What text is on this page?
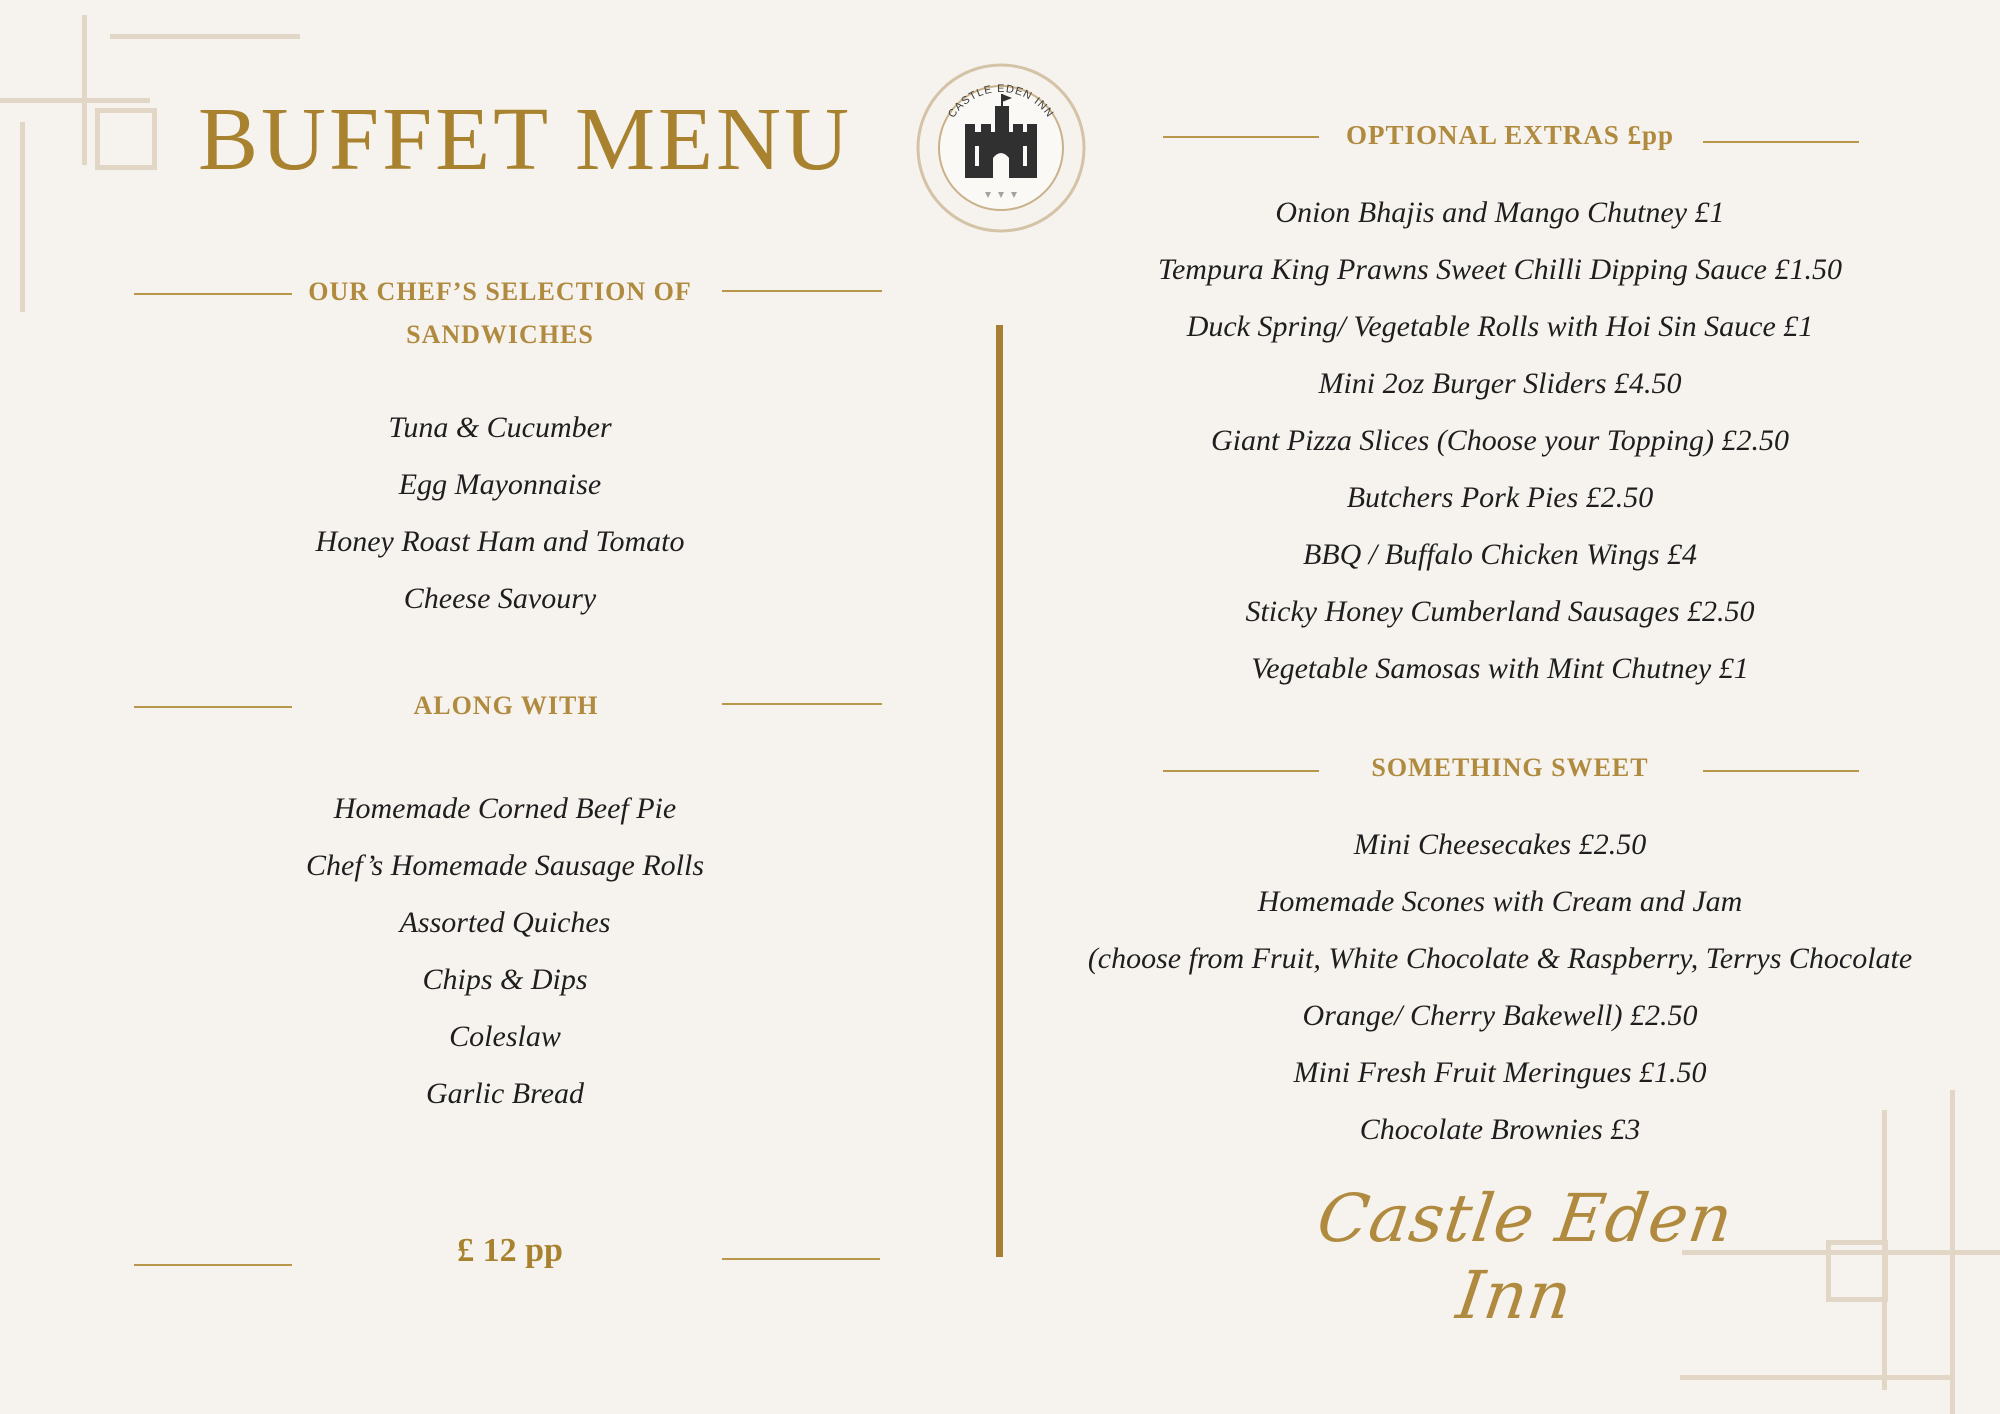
BUFFET MENU	CASTLE EDEN INN
OUR CHEF’S SELECTION OF
SANDWICHES
Tuna & Cucumber
Egg Mayonnaise
Honey Roast Ham and Tomato
Cheese Savoury
ALONG WITH
Homemade Corned Beef Pie
Chef’s Homemade Sausage Rolls
Assorted Quiches
Chips & Dips
Coleslaw
Garlic Bread
£ 12 pp
OPTIONAL EXTRAS £pp
Onion Bhajis and Mango Chutney £1
Tempura King Prawns Sweet Chilli Dipping Sauce £1.50
Duck Spring/ Vegetable Rolls with Hoi Sin Sauce £1
Mini 2oz Burger Sliders £4.50
Giant Pizza Slices (Choose your Topping) £2.50
Butchers Pork Pies £2.50
BBQ / Buffalo Chicken Wings £4
Sticky Honey Cumberland Sausages £2.50
Vegetable Samosas with Mint Chutney £1
SOMETHING SWEET
Mini Cheesecakes £2.50
Homemade Scones with Cream and Jam
(choose from Fruit, White Chocolate & Raspberry, Terrys Chocolate
Orange/ Cherry Bakewell) £2.50
Mini Fresh Fruit Meringues £1.50
Chocolate Brownies £3
Castle Eden Inn
